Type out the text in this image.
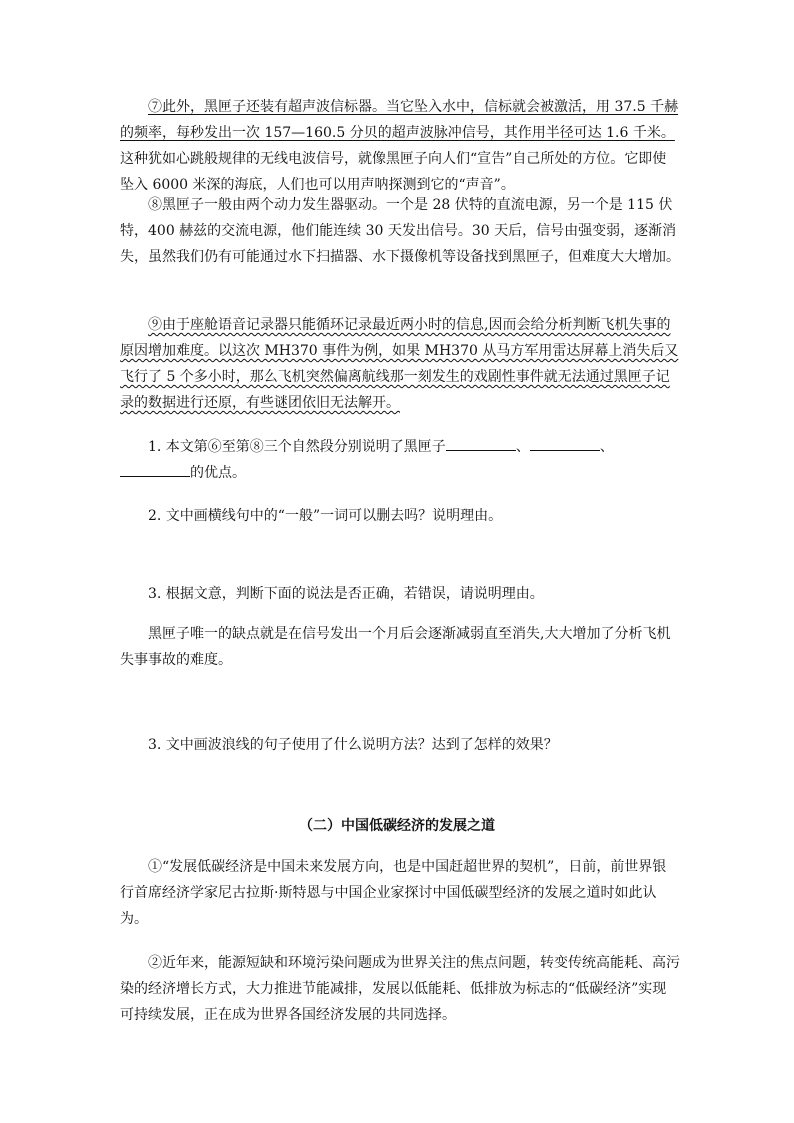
⑦此外，黑匣子还装有超声波信标器。当它坠入水中，信标就会被激活，用 37.5 千赫的频率，每秒发出一次 157—160.5 分贝的超声波脉冲信号，其作用半径可达 1.6 千米。这种犹如心跳般规律的无线电波信号，就像黑匣子向人们“宣告”自己所处的方位。它即使坠入 6000 米深的海底，人们也可以用声呐探测到它的“声音”。

⑧黑匣子一般由两个动力发生器驱动。一个是 28 伏特的直流电源，另一个是 115 伏特，400 赫兹的交流电源，他们能连续 30 天发出信号。30 天后，信号由强变弱，逐渐消失，虽然我们仍有可能通过水下扫描器、水下摄像机等设备找到黑匣子，但难度大大增加。

⑨由于座舱语音记录器只能循环记录最近两小时的信息,因而会给分析判断飞机失事的原因增加难度。以这次 MH370 事件为例，如果 MH370 从马方军用雷达屏幕上消失后又飞行了 5 个多小时，那么飞机突然偏离航线那一刻发生的戏剧性事件就无法通过黑匣子记录的数据进行还原，有些谜团依旧无法解开。

1. 本文第⑥至第⑧三个自然段分别说明了黑匣子	、	、的优点。

2. 文中画横线句中的“一般”一词可以删去吗？说明理由。

3. 根据文意，判断下面的说法是否正确，若错误，请说明理由。

黑匣子唯一的缺点就是在信号发出一个月后会逐渐减弱直至消失,大大增加了分析飞机失事事故的难度。

3. 文中画波浪线的句子使用了什么说明方法？达到了怎样的效果？

（二）中国低碳经济的发展之道

①“发展低碳经济是中国未来发展方向，也是中国赶超世界的契机”，日前，前世界银行首席经济学家尼古拉斯·斯特恩与中国企业家探讨中国低碳型经济的发展之道时如此认为。

②近年来，能源短缺和环境污染问题成为世界关注的焦点问题，转变传统高能耗、高污染的经济增长方式，大力推进节能减排，发展以低能耗、低排放为标志的“低碳经济”实现可持续发展，正在成为世界各国经济发展的共同选择。
